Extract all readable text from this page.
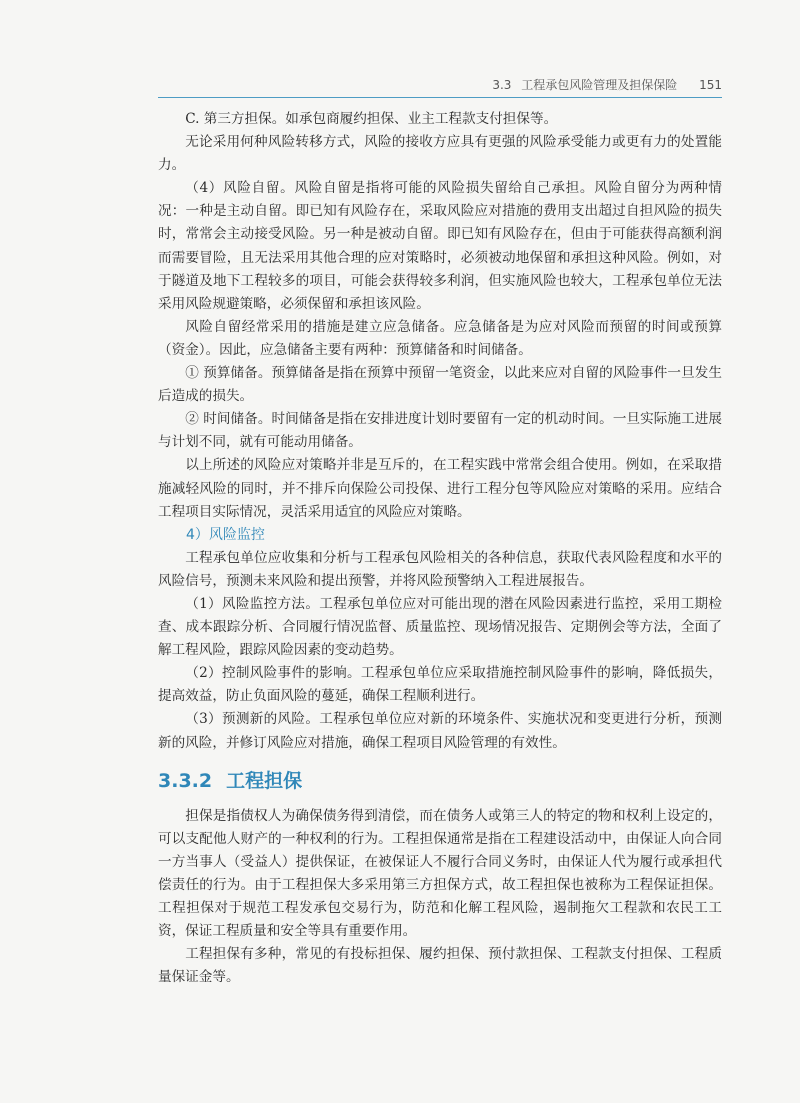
3.3 工程承包风险管理及担保保险 151

C. 第三方担保。如承包商履约担保、业主工程款支付担保等。

无论采用何种风险转移方式，风险的接收方应具有更强的风险承受能力或更有力的处置能力。

（4）风险自留。风险自留是指将可能的风险损失留给自己承担。风险自留分为两种情况：一种是主动自留。即已知有风险存在，采取风险应对措施的费用支出超过自担风险的损失时，常常会主动接受风险。另一种是被动自留。即已知有风险存在，但由于可能获得高额利润而需要冒险，且无法采用其他合理的应对策略时，必须被动地保留和承担这种风险。例如，对于隧道及地下工程较多的项目，可能会获得较多利润，但实施风险也较大，工程承包单位无法采用风险规避策略，必须保留和承担该风险。

风险自留经常采用的措施是建立应急储备。应急储备是为应对风险而预留的时间或预算（资金）。因此，应急储备主要有两种：预算储备和时间储备。

① 预算储备。预算储备是指在预算中预留一笔资金，以此来应对自留的风险事件一旦发生后造成的损失。

② 时间储备。时间储备是指在安排进度计划时要留有一定的机动时间。一旦实际施工进展与计划不同，就有可能动用储备。

以上所述的风险应对策略并非是互斥的，在工程实践中常常会组合使用。例如，在采取措施减轻风险的同时，并不排斥向保险公司投保、进行工程分包等风险应对策略的采用。应结合工程项目实际情况，灵活采用适宜的风险应对策略。

4）风险监控

工程承包单位应收集和分析与工程承包风险相关的各种信息，获取代表风险程度和水平的风险信号，预测未来风险和提出预警，并将风险预警纳入工程进展报告。

（1）风险监控方法。工程承包单位应对可能出现的潜在风险因素进行监控，采用工期检查、成本跟踪分析、合同履行情况监督、质量监控、现场情况报告、定期例会等方法，全面了解工程风险，跟踪风险因素的变动趋势。

（2）控制风险事件的影响。工程承包单位应采取措施控制风险事件的影响，降低损失，提高效益，防止负面风险的蔓延，确保工程顺利进行。

（3）预测新的风险。工程承包单位应对新的环境条件、实施状况和变更进行分析，预测新的风险，并修订风险应对措施，确保工程项目风险管理的有效性。

3.3.2 工程担保

担保是指债权人为确保债务得到清偿，而在债务人或第三人的特定的物和权利上设定的，可以支配他人财产的一种权利的行为。工程担保通常是指在工程建设活动中，由保证人向合同一方当事人（受益人）提供保证，在被保证人不履行合同义务时，由保证人代为履行或承担代偿责任的行为。由于工程担保大多采用第三方担保方式，故工程担保也被称为工程保证担保。工程担保对于规范工程发承包交易行为，防范和化解工程风险，遏制拖欠工程款和农民工工资，保证工程质量和安全等具有重要作用。

工程担保有多种，常见的有投标担保、履约担保、预付款担保、工程款支付担保、工程质量保证金等。
